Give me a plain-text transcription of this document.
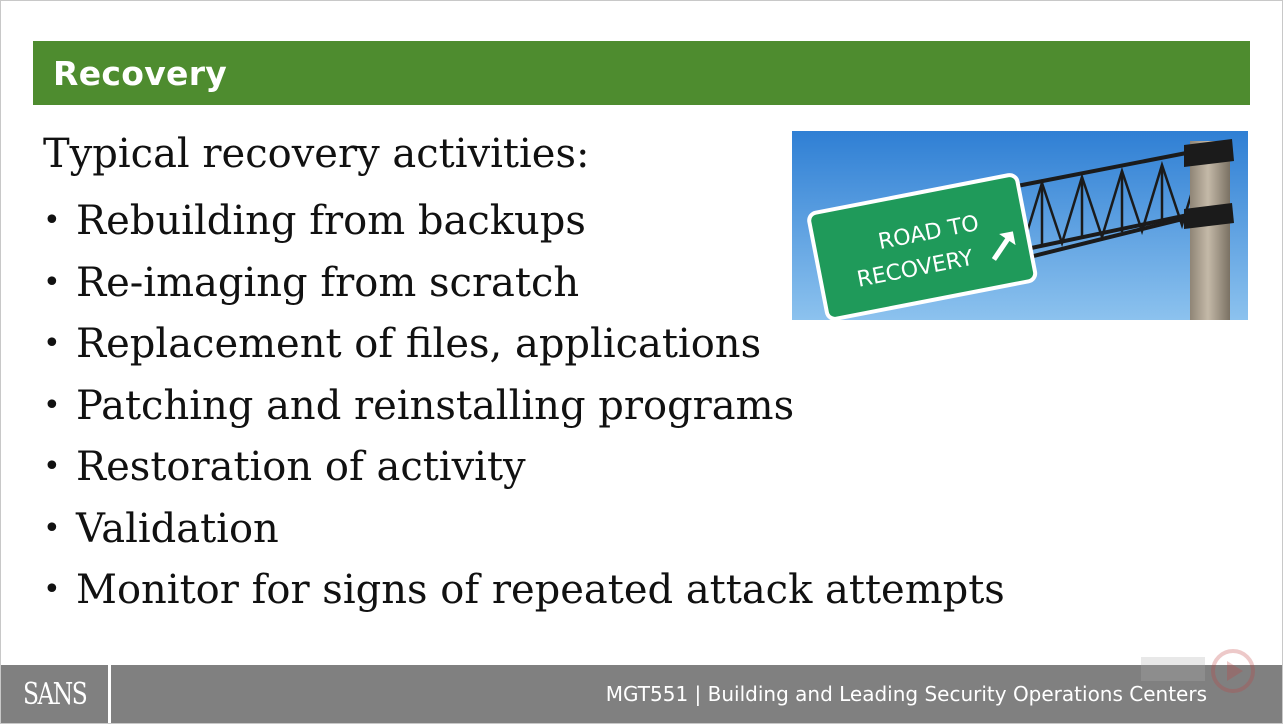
Recovery
Typical recovery activities:
• Rebuilding from backups
• Re-imaging from scratch
• Replacement of files, applications
• Patching and reinstalling programs
• Restoration of activity
• Validation
• Monitor for signs of repeated attack attempts
ROAD TO
RECOVERY
SANS	MGT551 | Building and Leading Security Operations Centers
